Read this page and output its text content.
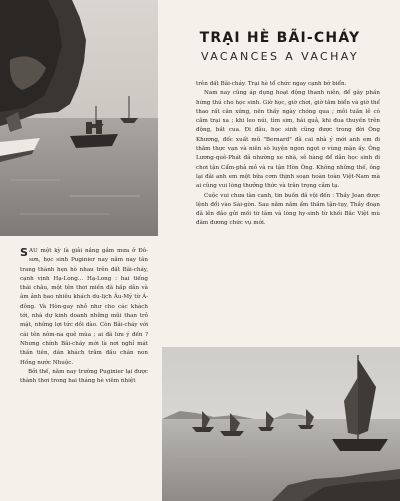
TRẠI HÈ BÃI-CHÁY
VACANCES A VACHAY

trên đất Bãi-cháy. Trại hè tổ chức ngay cạnh bờ biển.

Nam nay cũng áp dụng hoạt động thanh niên, để gây phần hứng thú cho học sinh. Giờ học, giờ chơi, giờ tắm biển và giờ thể thao rất cân xứng, nên thấy ngày chóng qua ; mỗi tuần lễ có cắm trại xa ; khi leo núi, tìm sim, hái quả, khi đua thuyền trên động, bắt cua. Đi đâu, học sinh cũng được trong đời Ông Khương, đốc xuất mũ "Bernard" đã cai nhà ý mới anh em đi thăm thực vạn và niên sò luyện ngon ngọt ơ vùng mặn ấy. Ông Lương-quê-Phát đã nhường xe nhà, sẽ hàng để dẫn học sinh đi chơi tận Cẩm-phả mỏ và ra tận Hòn Ông. Không những thế, ông lại đãi anh em một bữa cơm thịnh soạn hoàn toàn Việt-Nam mà ai cũng vui lòng thưởng thức và trân trọng cảm tạ.

Cuộc vui chưa tàn canh, tin buồn đã vội đến : Thầy Jean được lệnh đổi vào Sài-gòn. Sau năm năm ẩm thầm tận-tụy, Thầy đoạn đã lên đảo gửi mối từ tâm và lòng hy-sinh từ khối Bắc Việt mù đâm đương chức vụ mới.

SAU một kỳ là giải nắng gắm mưa ở Đô-sơn, học sinh Puginier nay năm nay tân trang thành hẹn hò nhau trên đất Bãi-cháy, cạnh vịnh Hạ-Long... Hạ-Long : hai tiếng thái châu, một tên thơi miền đã hấp dẫn và âm ảnh bao nhiêu khách du-lịch Âu-Mỹ từ Á-đông. Và Hòn-gay nhỏ như cho các khách tới, nhà dự kinh doanh những mũi than trỏ mặt, những lợi tức dồi dào. Còn Bãi-cháy với cái tên nôm-na quê mùa ; ai đã lưu ý đến ? Nhưng chính Bãi-cháy mới là nơi nghỉ mát thần tiên, dân khách trăm đầu chân non Hồng nước Nhuộc.

Bởi thế, năm nay trường Puginier lại được thành thơi trong hai tháng hè viêm nhiệt
